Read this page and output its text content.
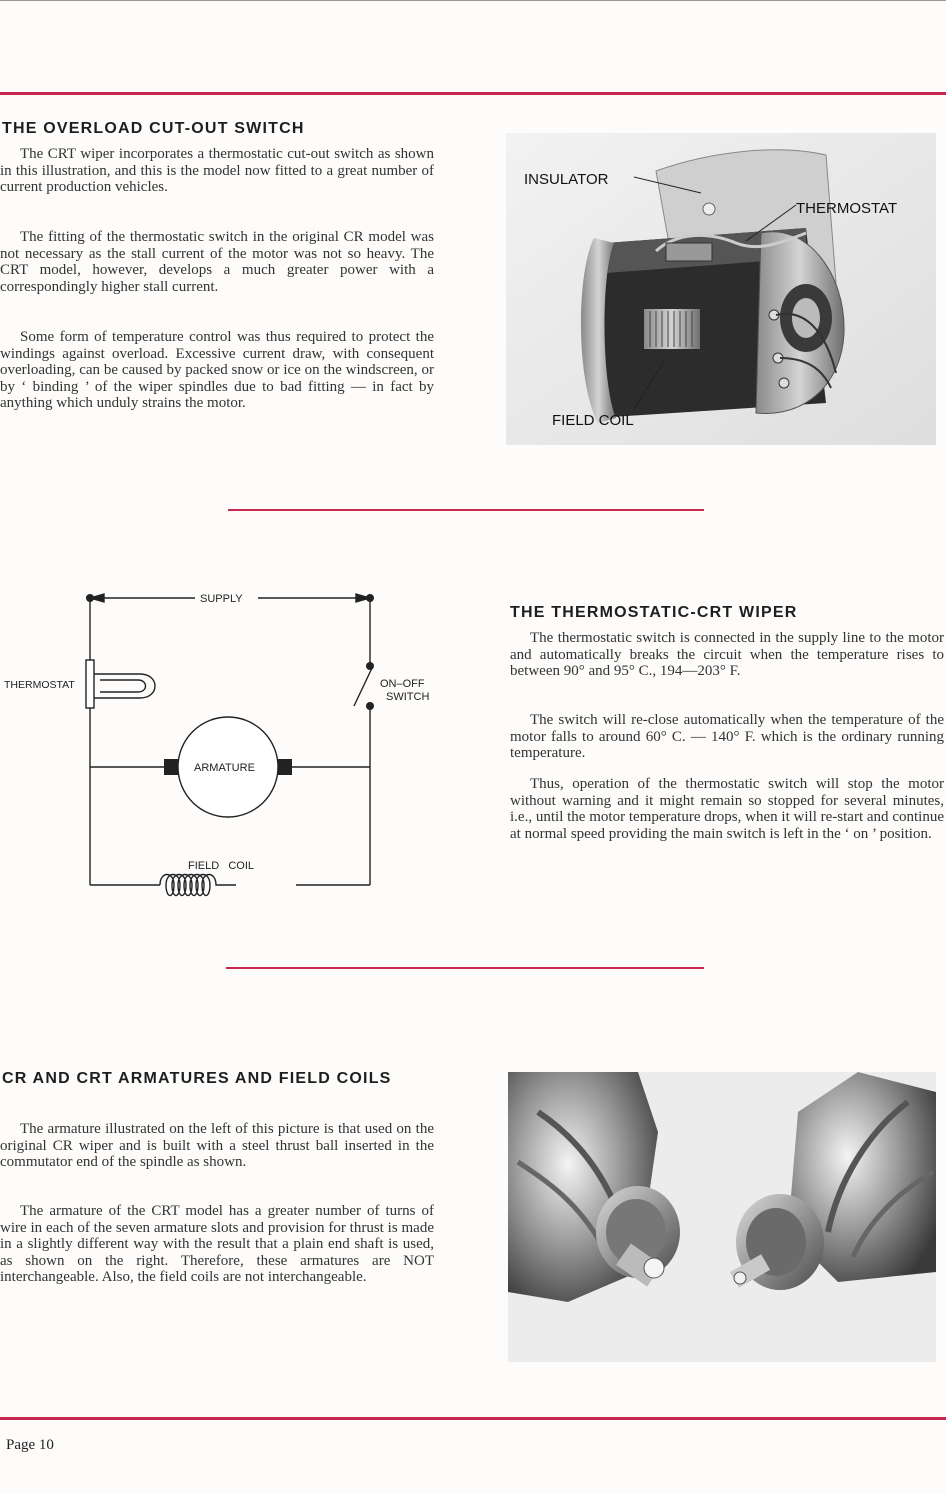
THE OVERLOAD CUT-OUT SWITCH

The CRT wiper incorporates a thermostatic cut-out switch as shown in this illustration, and this is the model now fitted to a great number of current production vehicles.

The fitting of the thermostatic switch in the original CR model was not necessary as the stall current of the motor was not so heavy. The CRT model, however, develops a much greater power with a correspondingly higher stall current.

Some form of temperature control was thus required to protect the windings against overload. Excessive current draw, with consequent overloading, can be caused by packed snow or ice on the windscreen, or by ‘ binding ’ of the wiper spindles due to bad fitting — in fact by anything which unduly strains the motor.

INSULATOR
THERMOSTAT
FIELD COIL
SUPPLY
THERMOSTAT	ON–OFF
SWITCH
ARMATURE
FIELD   COIL
THE THERMOSTATIC-CRT WIPER

The thermostatic switch is connected in the supply line to the motor and automatically breaks the circuit when the temperature rises to between 90° and 95° C., 194—203° F.

The switch will re-close automatically when the temperature of the motor falls to around 60° C. — 140° F. which is the ordinary running temperature.

Thus, operation of the thermostatic switch will stop the motor without warning and it might remain so stopped for several minutes, i.e., until the motor temperature drops, when it will re-start and continue at normal speed providing the main switch is left in the ‘ on ’ position.

CR AND CRT ARMATURES AND FIELD COILS

The armature illustrated on the left of this picture is that used on the original CR wiper and is built with a steel thrust ball inserted in the commutator end of the spindle as shown.

The armature of the CRT model has a greater number of turns of wire in each of the seven armature slots and provision for thrust is made in a slightly different way with the result that a plain end shaft is used, as shown on the right. Therefore, these armatures are NOT interchangeable. Also, the field coils are not interchangeable.

Page 10
